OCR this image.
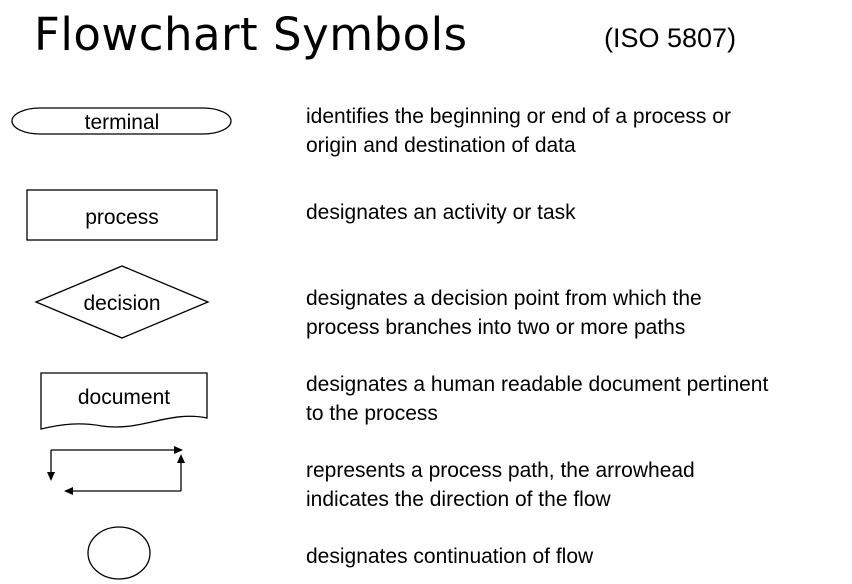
Flowchart Symbols	(ISO 5807)
terminal
process
decision
document

identifies the beginning or end of a process or
origin and destination of data

designates an activity or task

designates a decision point from which the
process branches into two or more paths

designates a human readable document pertinent
to the process

represents a process path, the arrowhead
indicates the direction of the flow

designates continuation of flow
